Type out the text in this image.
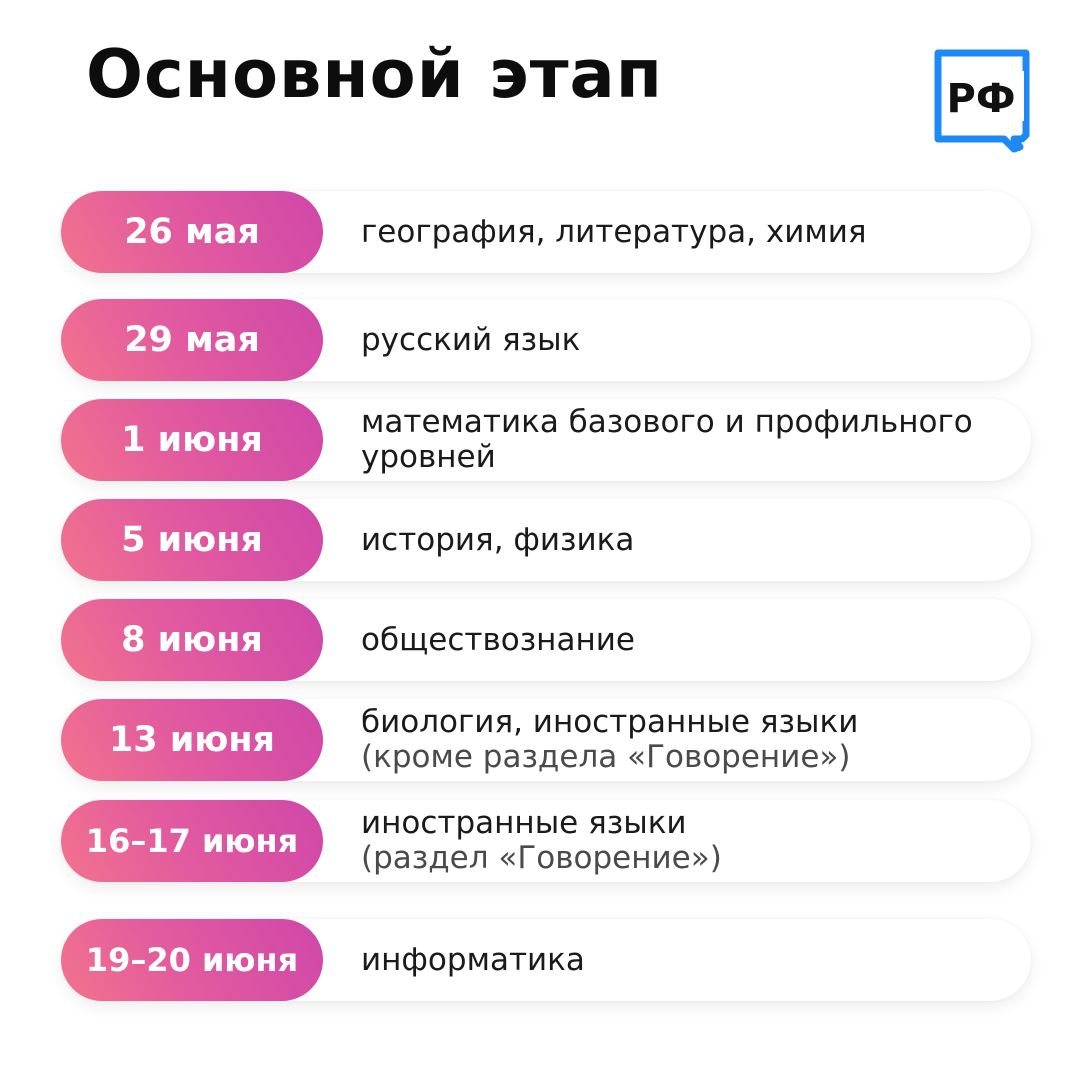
Основной этап	РФ
26 мая	география, литература, химия
29 мая	русский язык
1 июня	математика базового и профильного
уровней
5 июня	история, физика
8 июня	обществознание
13 июня	биология, иностранные языки
(кроме раздела «Говорение»)
16–17 июня	иностранные языки
(раздел «Говорение»)
19–20 июня	информатика
